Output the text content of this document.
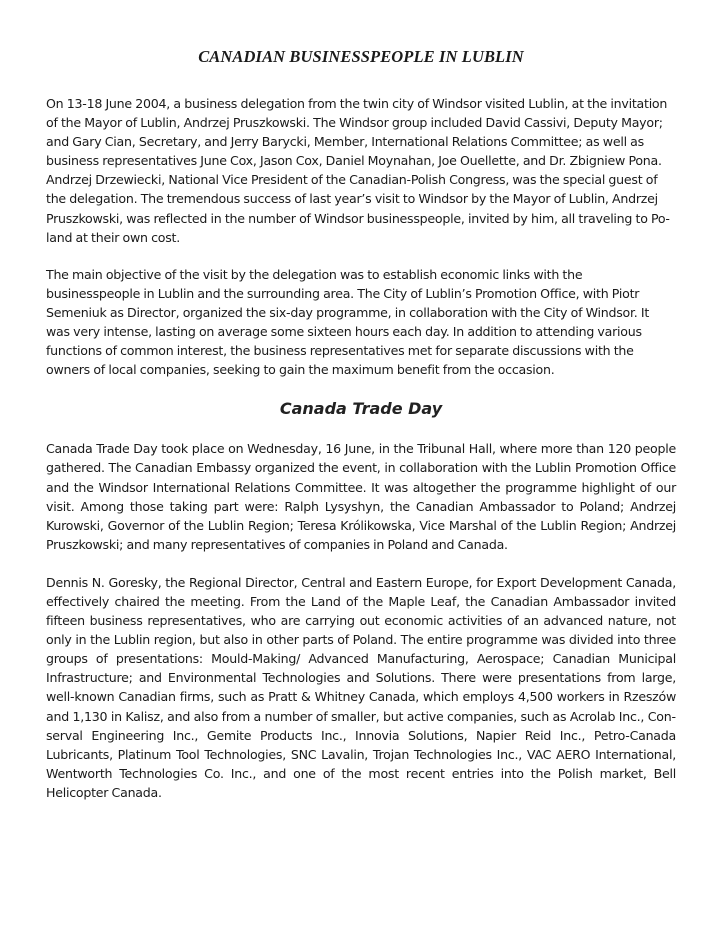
CANADIAN BUSINESSPEOPLE IN LUBLIN

On 13-18 June 2004, a business delegation from the twin city of Windsor visited Lublin, at the invitation of the Mayor of Lublin, Andrzej Pruszkowski. The Windsor group included David Cassivi, Deputy Mayor; and Gary Cian, Secretary, and Jerry Barycki, Member, International Relations Committee; as well as business representatives June Cox, Jason Cox, Daniel Moynahan, Joe Ouellette, and Dr. Zbigniew Pona. Andrzej Drzewiecki, National Vice President of the Canadian-Polish Congress, was the special guest of the delegation. The tremendous success of last year’s visit to Windsor by the Mayor of Lublin, Andrzej Pruszkowski, was reflected in the number of Windsor businesspeople, invited by him, all traveling to Poland at their own cost.

The main objective of the visit by the delegation was to establish economic links with the businesspeople in Lublin and the surrounding area. The City of Lublin’s Promotion Office, with Piotr Semeniuk as Director, organized the six-day programme, in collaboration with the City of Windsor. It was very intense, lasting on average some sixteen hours each day. In addition to attending various functions of common interest, the business representatives met for separate discussions with the owners of local companies, seeking to gain the maximum benefit from the occasion.

Canada Trade Day

Canada Trade Day took place on Wednesday, 16 June, in the Tribunal Hall, where more than 120 people gathered. The Canadian Embassy organized the event, in collaboration with the Lublin Promotion Office and the Windsor International Relations Committee. It was altogether the programme highlight of our visit. Among those taking part were: Ralph Lysyshyn, the Canadian Ambassador to Poland; Andrzej Kurowski, Governor of the Lublin Region; Teresa Królikowska, Vice Marshal of the Lublin Region; Andrzej Pruszkowski; and many representatives of companies in Poland and Canada.

Dennis N. Goresky, the Regional Director, Central and Eastern Europe, for Export Development Canada, effectively chaired the meeting. From the Land of the Maple Leaf, the Canadian Ambassador invited fifteen business representatives, who are carrying out economic activities of an advanced nature, not only in the Lublin region, but also in other parts of Poland. The entire programme was divided into three groups of presentations: Mould-Making/ Advanced Manufacturing, Aerospace; Canadian Municipal Infrastructure; and Environmental Technologies and Solutions. There were presentations from large, well-known Canadian firms, such as Pratt & Whitney Canada, which employs 4,500 workers in Rzeszów and 1,130 in Kalisz, and also from a number of smaller, but active companies, such as Acrolab Inc., Conserval Engineering Inc., Gemite Products Inc., Innovia Solutions, Napier Reid Inc., Petro-Canada Lubricants, Platinum Tool Technologies, SNC Lavalin, Trojan Technologies Inc., VAC AERO International, Wentworth Technologies Co. Inc., and one of the most recent entries into the Polish market, Bell Helicopter Canada.
